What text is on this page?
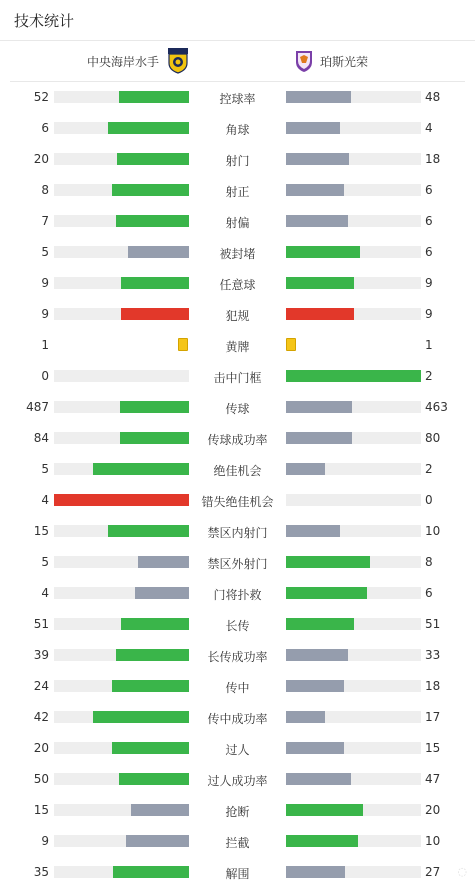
技术统计
中央海岸水手	珀斯光荣
52	控球率	48
6	角球	4
20	射门	18
8	射正	6
7	射偏	6
5	被封堵	6
9	任意球	9
9	犯规	9
1	黄牌	1
0	击中门框	2
487	传球	463
84	传球成功率	80
5	绝佳机会	2
4	错失绝佳机会	0
15	禁区内射门	10
5	禁区外射门	8
4	门将扑救	6
51	长传	51
39	长传成功率	33
24	传中	18
42	传中成功率	17
20	过人	15
50	过人成功率	47
15	抢断	20
9	拦截	10
35	解围	27 ◌
